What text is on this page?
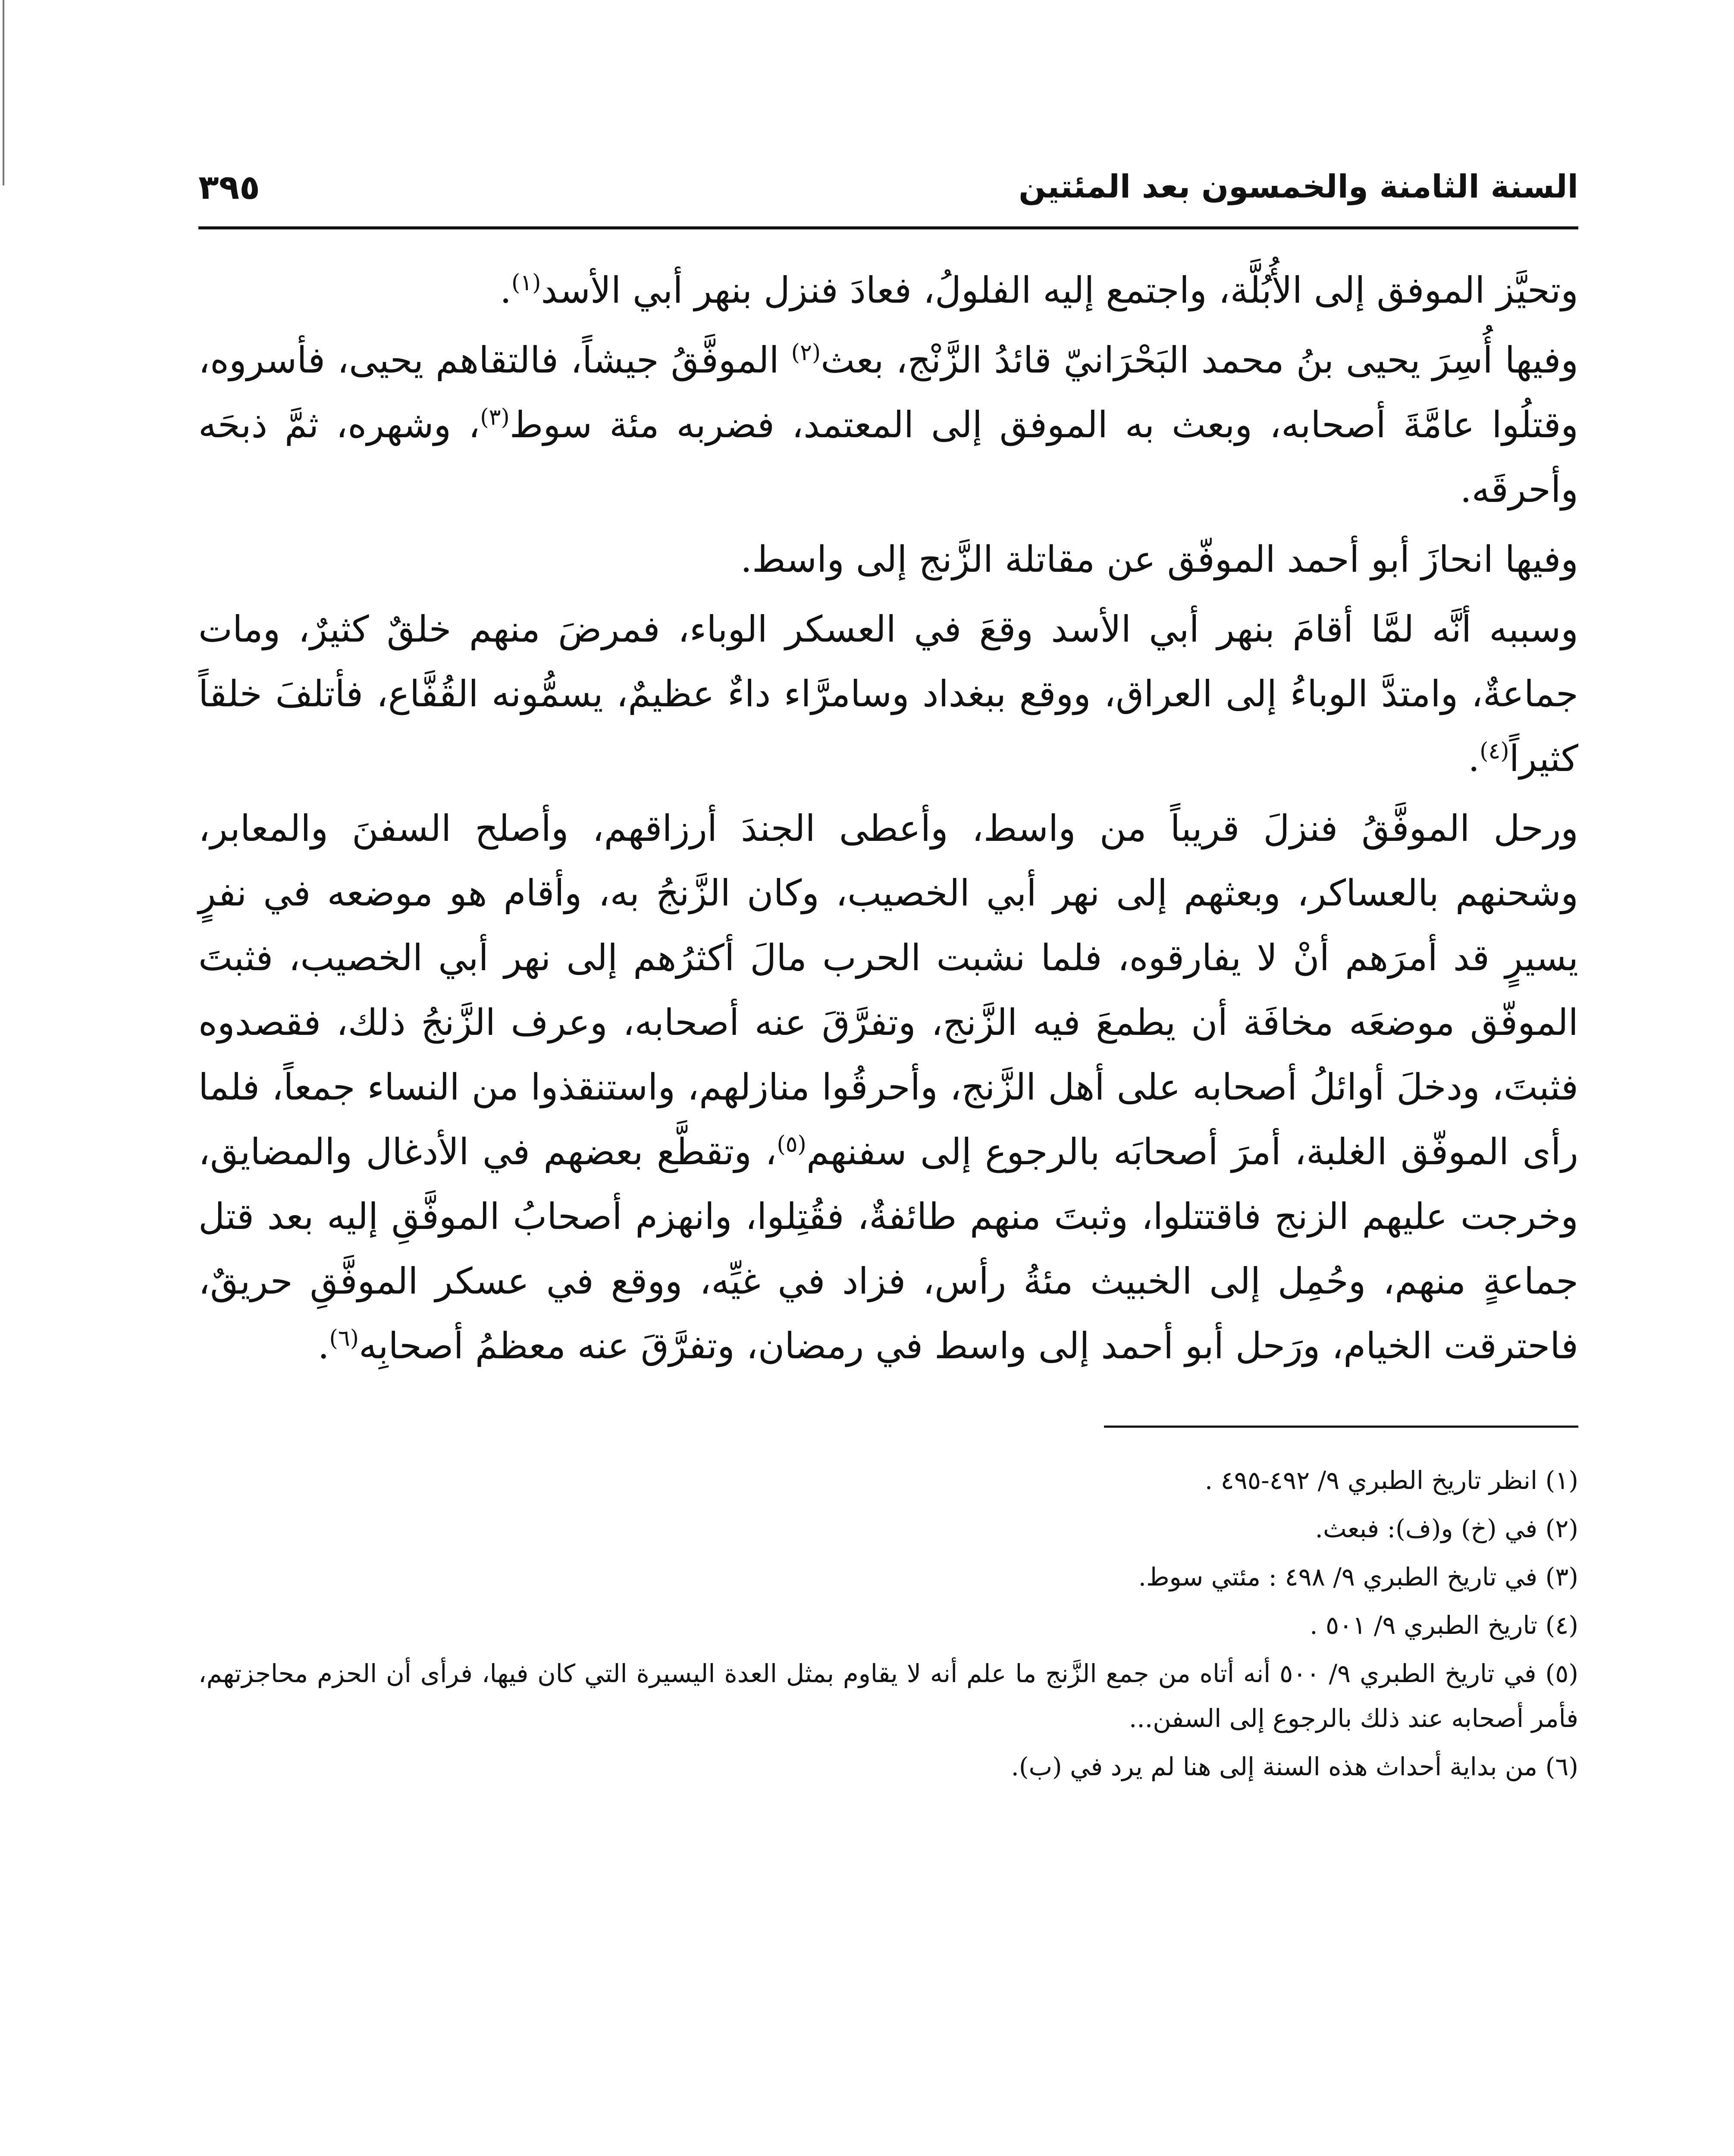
السنة الثامنة والخمسون بعد المئتين
٣٩٥

وتحيَّز الموفق إلى الأُبُلَّة، واجتمع إليه الفلولُ، فعادَ فنزل بنهر أبي الأسد$^{(١)}$.

وفيها أُسِرَ يحيى بنُ محمد البَحْرَانيّ قائدُ الزَّنْج، بعث$^{(٢)}$ الموفَّقُ جيشاً، فالتقاهم يحيى، فأسروه، وقتلُوا عامَّةَ أصحابه، وبعث به الموفق إلى المعتمد، فضربه مئة سوط$^{(٣)}$، وشهره، ثمَّ ذبحَه وأحرقَه.

وفيها انحازَ أبو أحمد الموفّق عن مقاتلة الزَّنج إلى واسط.

وسببه أنَّه لمَّا أقامَ بنهر أبي الأسد وقعَ في العسكر الوباء، فمرضَ منهم خلقٌ كثيرٌ، ومات جماعةٌ، وامتدَّ الوباءُ إلى العراق، ووقع ببغداد وسامرَّاء داءٌ عظيمٌ، يسمُّونه القُفَّاع، فأتلفَ خلقاً كثيراً$^{(٤)}$.

ورحل الموفَّقُ فنزلَ قريباً من واسط، وأعطى الجندَ أرزاقهم، وأصلح السفنَ والمعابر، وشحنهم بالعساكر، وبعثهم إلى نهر أبي الخصيب، وكان الزَّنجُ به، وأقام هو موضعه في نفرٍ يسيرٍ قد أمرَهم أنْ لا يفارقوه، فلما نشبت الحرب مالَ أكثرُهم إلى نهر أبي الخصيب، فثبتَ الموفّق موضعَه مخافَة أن يطمعَ فيه الزَّنج، وتفرَّقَ عنه أصحابه، وعرف الزَّنجُ ذلك، فقصدوه فثبتَ، ودخلَ أوائلُ أصحابه على أهل الزَّنج، وأحرقُوا منازلهم، واستنقذوا من النساء جمعاً، فلما رأى الموفّق الغلبة، أمرَ أصحابَه بالرجوع إلى سفنهم$^{(٥)}$، وتقطَّع بعضهم في الأدغال والمضايق، وخرجت عليهم الزنج فاقتتلوا، وثبتَ منهم طائفةٌ، فقُتِلوا، وانهزم أصحابُ الموفَّقِ إليه بعد قتل جماعةٍ منهم، وحُمِل إلى الخبيث مئةُ رأس، فزاد في غيِّه، ووقع في عسكر الموفَّقِ حريقٌ، فاحترقت الخيام، ورَحل أبو أحمد إلى واسط في رمضان، وتفرَّقَ عنه معظمُ أصحابِه$^{(٦)}$.

(١) انظر تاريخ الطبري ٩/ ٤٩٢-٤٩٥ .

(٢) في (خ) و(ف): فبعث.

(٣) في تاريخ الطبري ٩/ ٤٩٨ : مئتي سوط.

(٤) تاريخ الطبري ٩/ ٥٠١ .

(٥) في تاريخ الطبري ٩/ ٥٠٠ أنه أتاه من جمع الزَّنج ما علم أنه لا يقاوم بمثل العدة اليسيرة التي كان فيها، فرأى أن الحزم محاجزتهم، فأمر أصحابه عند ذلك بالرجوع إلى السفن...

(٦) من بداية أحداث هذه السنة إلى هنا لم يرد في (ب).
